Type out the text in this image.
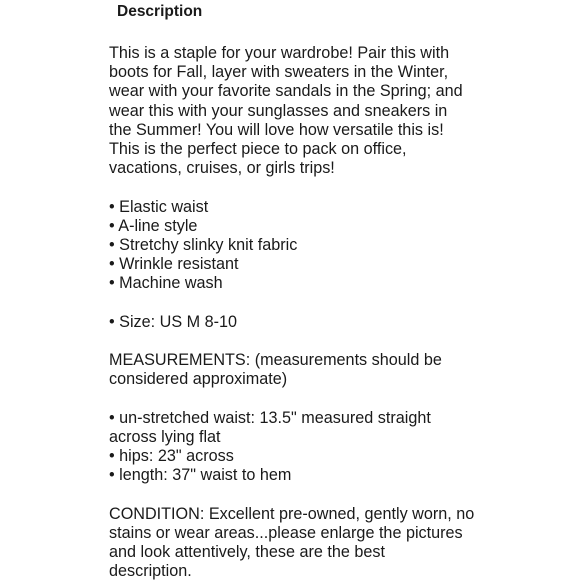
Description

This is a staple for your wardrobe! Pair this with
boots for Fall, layer with sweaters in the Winter,
wear with your favorite sandals in the Spring; and
wear this with your sunglasses and sneakers in
the Summer! You will love how versatile this is!
This is the perfect piece to pack on office,
vacations, cruises, or girls trips!

• Elastic waist
• A-line style
• Stretchy slinky knit fabric
• Wrinkle resistant
• Machine wash

• Size: US M 8-10

MEASUREMENTS: (measurements should be
considered approximate)

• un-stretched waist: 13.5" measured straight
across lying flat
• hips: 23" across
• length: 37" waist to hem

CONDITION: Excellent pre-owned, gently worn, no
stains or wear areas...please enlarge the pictures
and look attentively, these are the best
description.
